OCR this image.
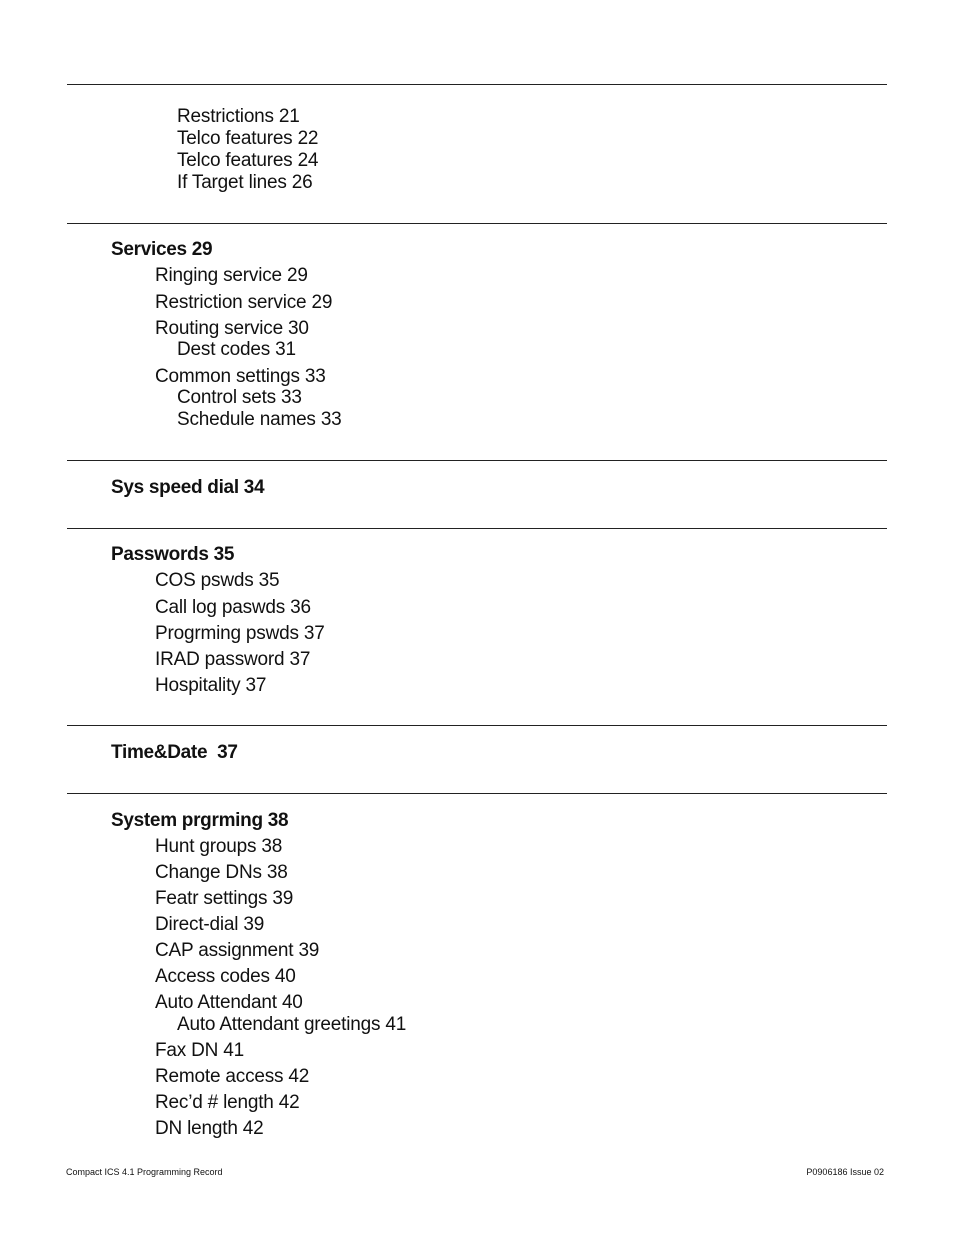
Restrictions 21
Telco features 22
Telco features 24
If Target lines 26
Services 29
Ringing service 29
Restriction service 29
Routing service 30
Dest codes 31
Common settings 33
Control sets 33
Schedule names 33
Sys speed dial 34
Passwords 35
COS pswds 35
Call log paswds 36
Progrming pswds 37
IRAD password 37
Hospitality 37
Time&Date  37
System prgrming 38
Hunt groups 38
Change DNs 38
Featr settings 39
Direct-dial 39
CAP assignment 39
Access codes 40
Auto Attendant 40
Auto Attendant greetings 41
Fax DN 41
Remote access 42
Rec’d # length 42
DN length 42
Compact ICS 4.1 Programming Record	P0906186 Issue 02
